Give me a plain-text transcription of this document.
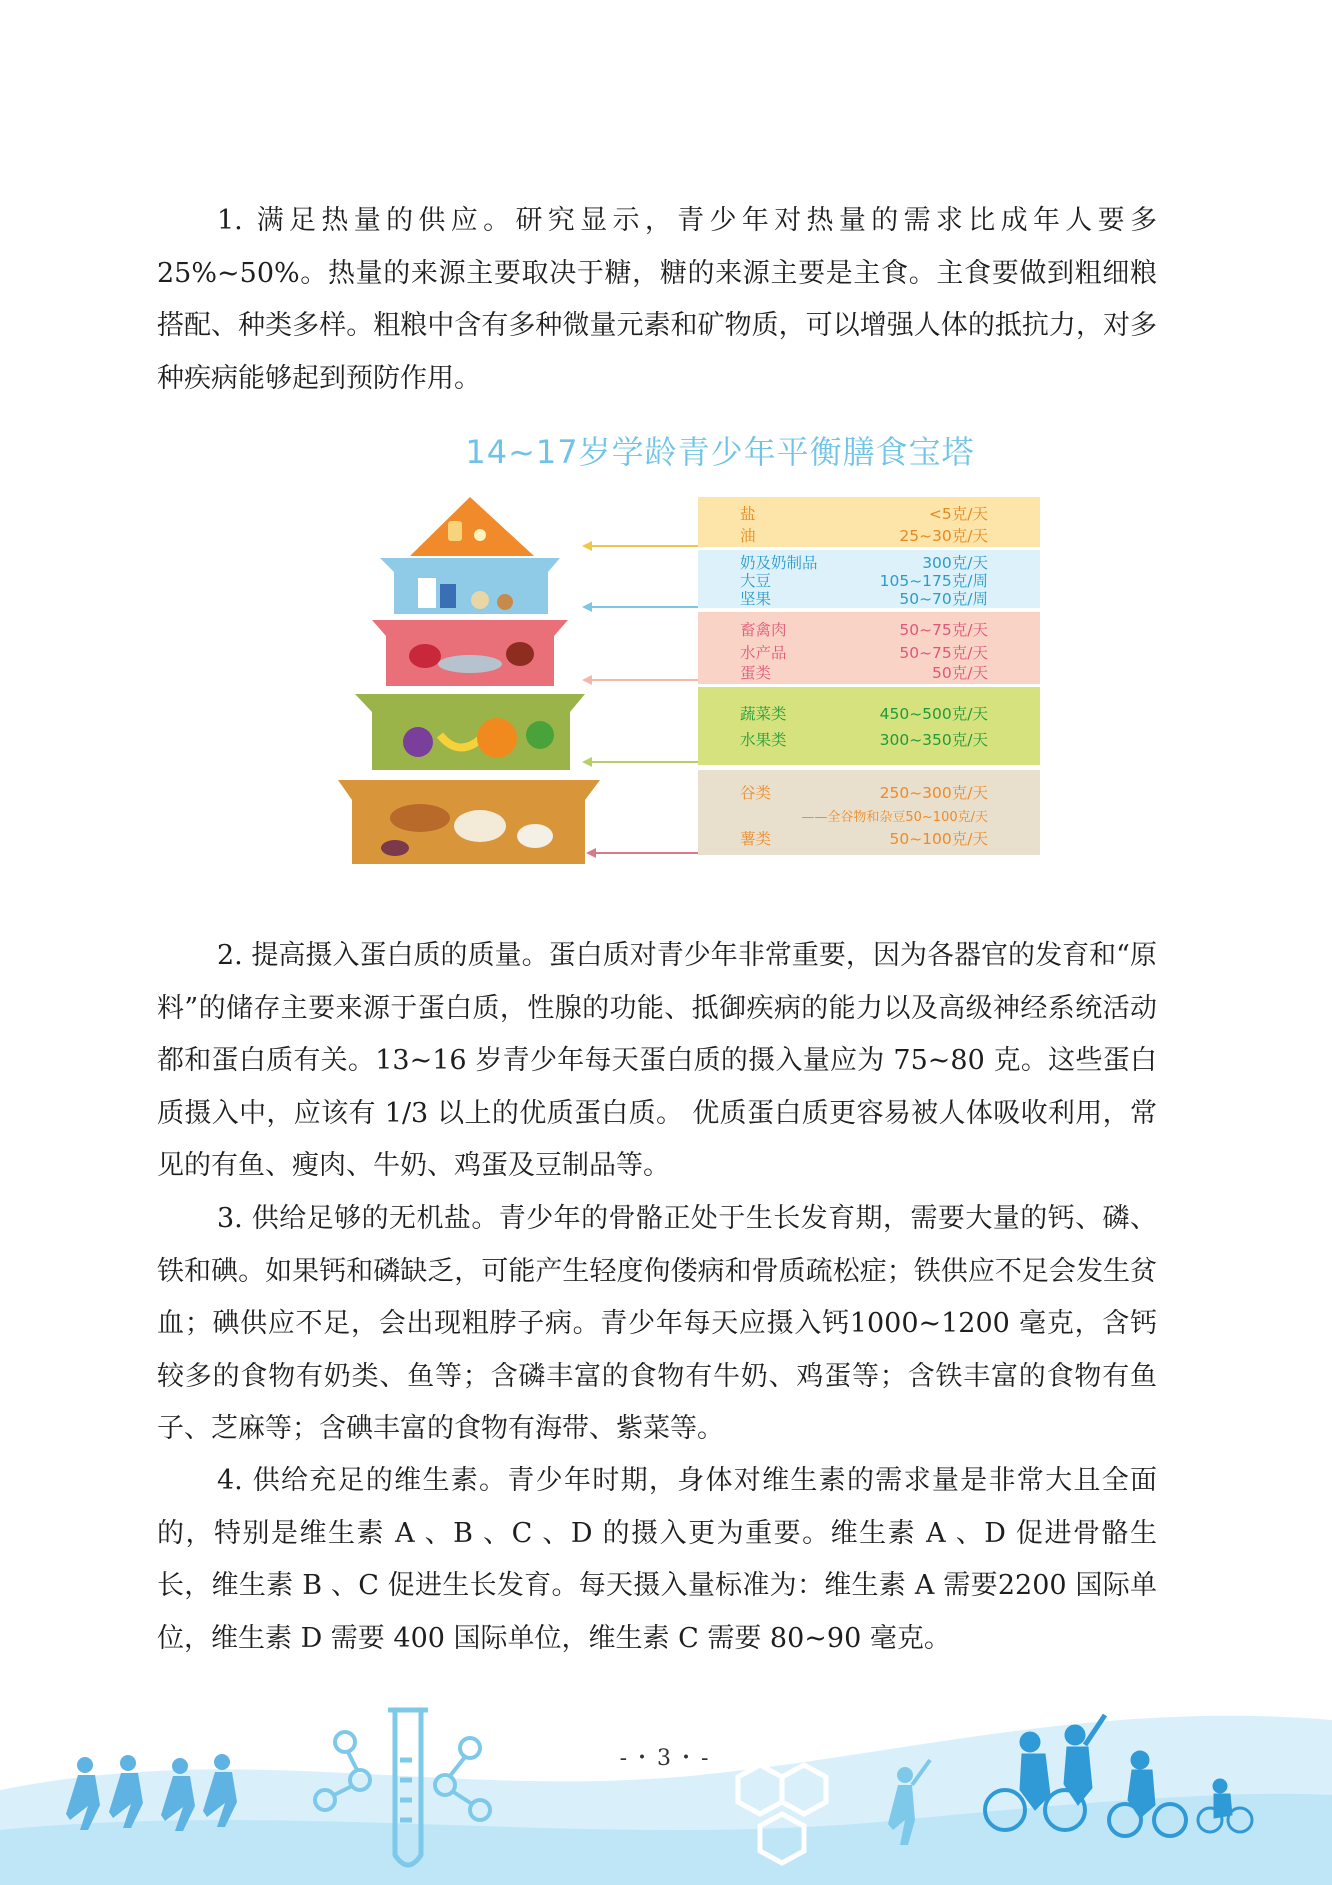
1. 满足热量的供应。研究显示，青少年对热量的需求比成年人要多25%~50%。热量的来源主要取决于糖，糖的来源主要是主食。主食要做到粗细粮搭配、种类多样。粗粮中含有多种微量元素和矿物质，可以增强人体的抵抗力，对多种疾病能够起到预防作用。

14~17岁学龄青少年平衡膳食宝塔
盐	<5克/天
油	25~30克/天
奶及奶制品	300克/天
大豆	105~175克/周
坚果	50~70克/周
畜禽肉	50~75克/天
水产品	50~75克/天
蛋类	50克/天
蔬菜类	450~500克/天
水果类	300~350克/天
谷类	250~300克/天
——全谷物和杂豆50~100克/天
薯类	50~100克/天

2. 提高摄入蛋白质的质量。蛋白质对青少年非常重要，因为各器官的发育和“原料”的储存主要来源于蛋白质，性腺的功能、抵御疾病的能力以及高级神经系统活动都和蛋白质有关。13~16 岁青少年每天蛋白质的摄入量应为 75~80 克。这些蛋白质摄入中，应该有 1/3 以上的优质蛋白质。 优质蛋白质更容易被人体吸收利用，常见的有鱼、瘦肉、牛奶、鸡蛋及豆制品等。

3. 供给足够的无机盐。青少年的骨骼正处于生长发育期，需要大量的钙、磷、铁和碘。如果钙和磷缺乏，可能产生轻度佝偻病和骨质疏松症；铁供应不足会发生贫血；碘供应不足，会出现粗脖子病。青少年每天应摄入钙1000~1200 毫克，含钙较多的食物有奶类、鱼等；含磷丰富的食物有牛奶、鸡蛋等；含铁丰富的食物有鱼子、芝麻等；含碘丰富的食物有海带、紫菜等。

4. 供给充足的维生素。青少年时期，身体对维生素的需求量是非常大且全面的，特别是维生素 A 、B 、C 、D 的摄入更为重要。维生素 A 、D 促进骨骼生长，维生素 B 、C 促进生长发育。每天摄入量标准为：维生素 A 需要2200 国际单位，维生素 D 需要 400 国际单位，维生素 C 需要 80~90 毫克。

-・3・-
